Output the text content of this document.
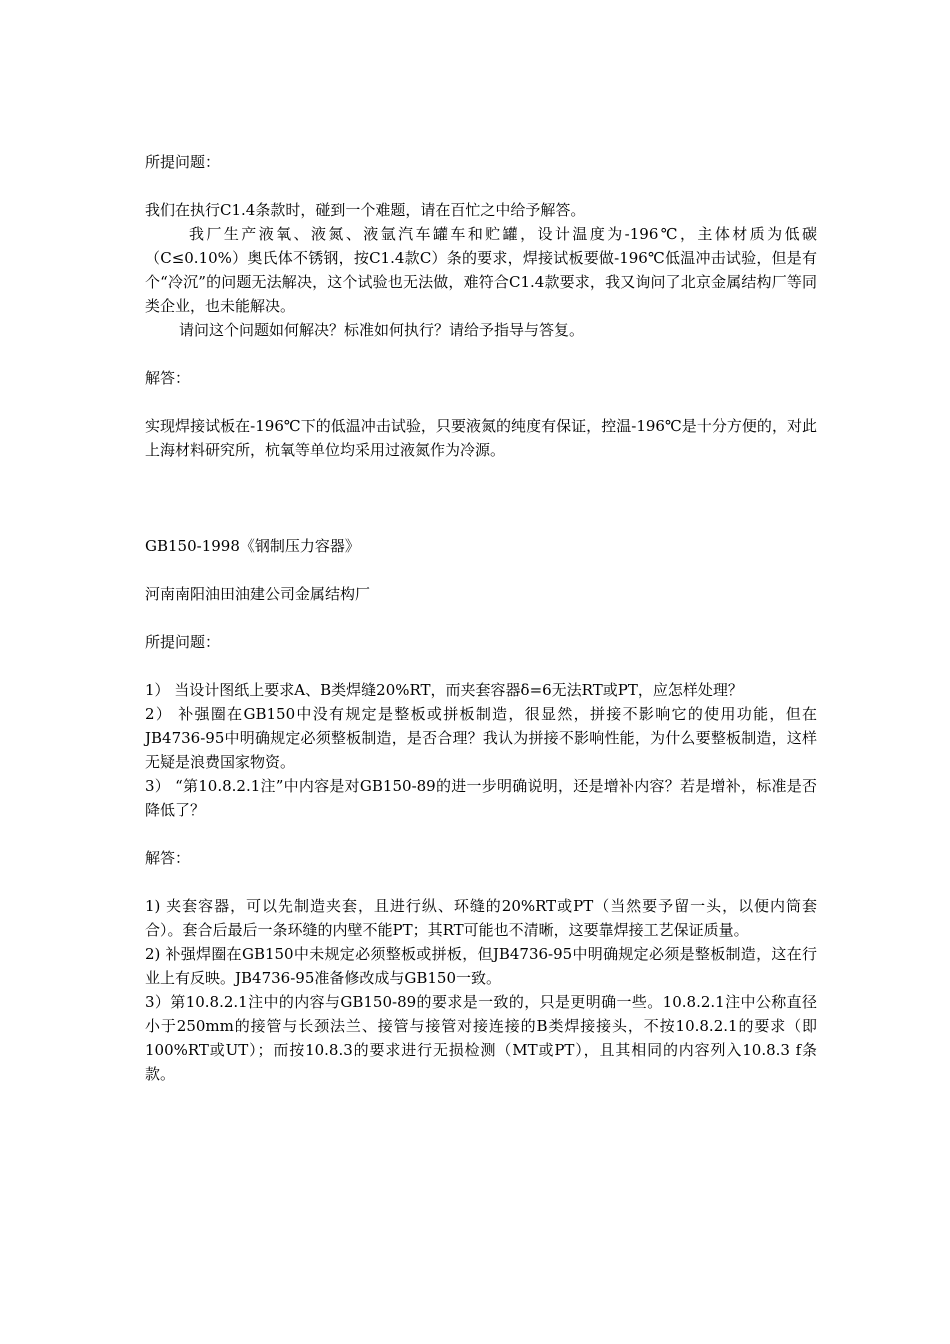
所提问题：

我们在执行C1.4条款时，碰到一个难题，请在百忙之中给予解答。

我厂生产液氧、液氮、液氩汽车罐车和贮罐，设计温度为-196℃，主体材质为低碳（C≤0.10%）奥氏体不锈钢，按C1.4款C）条的要求，焊接试板要做-196℃低温冲击试验，但是有个“冷沉”的问题无法解决，这个试验也无法做，难符合C1.4款要求，我又询问了北京金属结构厂等同类企业，也未能解决。

请问这个问题如何解决？标准如何执行？请给予指导与答复。

解答：

实现焊接试板在-196℃下的低温冲击试验，只要液氮的纯度有保证，控温-196℃是十分方便的，对此上海材料研究所，杭氧等单位均采用过液氮作为冷源。

GB150-1998《钢制压力容器》

河南南阳油田油建公司金属结构厂

所提问题：

1） 当设计图纸上要求A、B类焊缝20%RT，而夹套容器δ=6无法RT或PT，应怎样处理？

2） 补强圈在GB150中没有规定是整板或拼板制造，很显然，拼接不影响它的使用功能，但在JB4736-95中明确规定必须整板制造，是否合理？我认为拼接不影响性能，为什么要整板制造，这样无疑是浪费国家物资。

3） “第10.8.2.1注”中内容是对GB150-89的进一步明确说明，还是增补内容？若是增补，标准是否降低了？

解答：

1) 夹套容器，可以先制造夹套，且进行纵、环缝的20%RT或PT（当然要予留一头，以便内筒套合）。套合后最后一条环缝的内壁不能PT；其RT可能也不清晰，这要靠焊接工艺保证质量。

2) 补强焊圈在GB150中未规定必须整板或拼板，但JB4736-95中明确规定必须是整板制造，这在行业上有反映。JB4736-95准备修改成与GB150一致。

3）第10.8.2.1注中的内容与GB150-89的要求是一致的，只是更明确一些。10.8.2.1注中公称直径小于250mm的接管与长颈法兰、接管与接管对接连接的B类焊接接头，不按10.8.2.1的要求（即100%RT或UT）；而按10.8.3的要求进行无损检测（MT或PT），且其相同的内容列入10.8.3 f条款。
